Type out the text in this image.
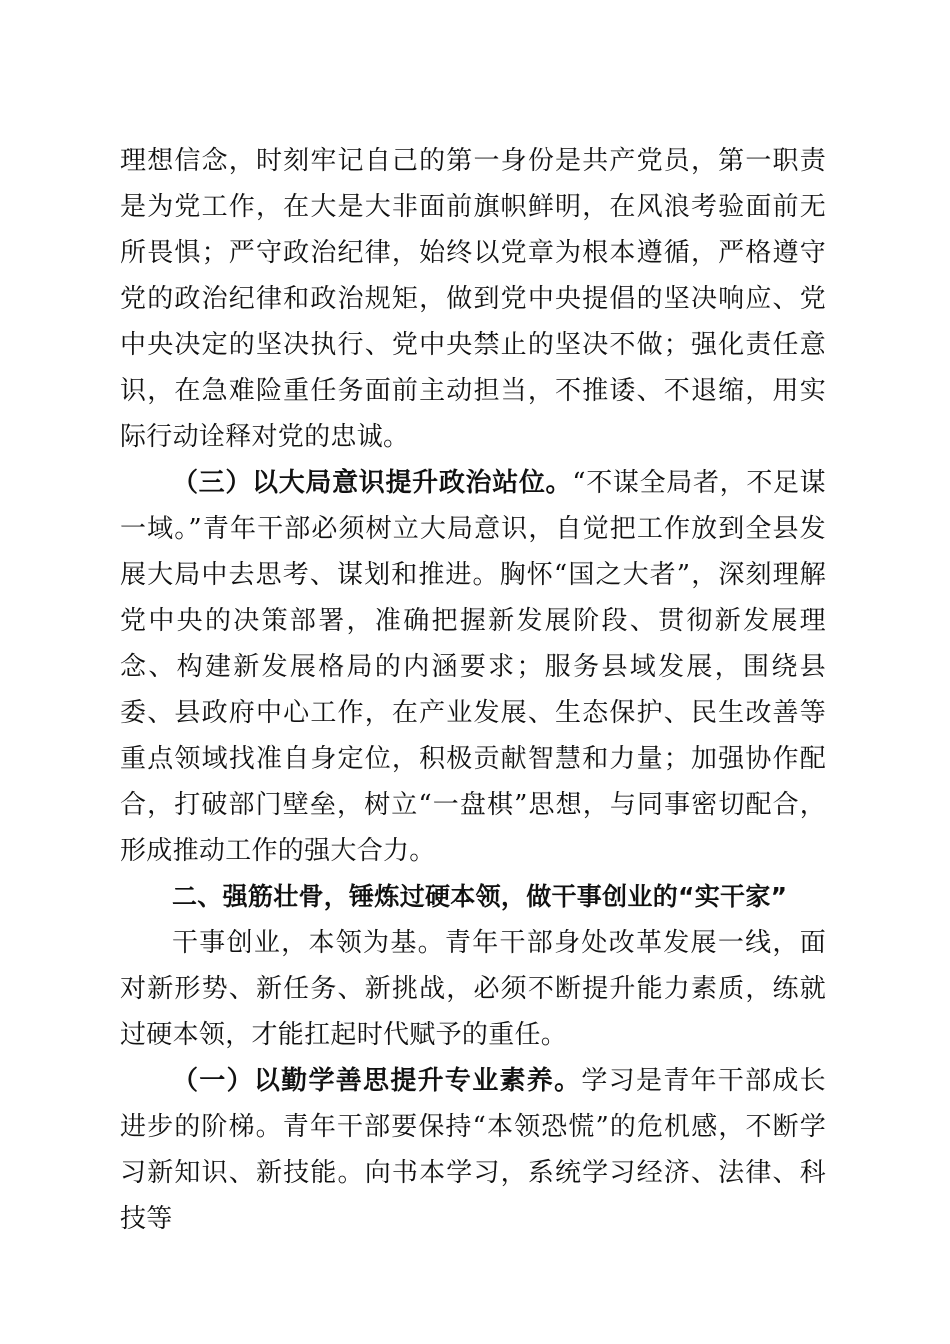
理想信念，时刻牢记自己的第一身份是共产党员，第一职责是为党工作，在大是大非面前旗帜鲜明，在风浪考验面前无所畏惧；严守政治纪律，始终以党章为根本遵循，严格遵守党的政治纪律和政治规矩，做到党中央提倡的坚决响应、党中央决定的坚决执行、党中央禁止的坚决不做；强化责任意识，在急难险重任务面前主动担当，不推诿、不退缩，用实际行动诠释对党的忠诚。

（三）以大局意识提升政治站位。“不谋全局者，不足谋一域。”青年干部必须树立大局意识，自觉把工作放到全县发展大局中去思考、谋划和推进。胸怀“国之大者”，深刻理解党中央的决策部署，准确把握新发展阶段、贯彻新发展理念、构建新发展格局的内涵要求；服务县域发展，围绕县委、县政府中心工作，在产业发展、生态保护、民生改善等重点领域找准自身定位，积极贡献智慧和力量；加强协作配合，打破部门壁垒，树立“一盘棋”思想，与同事密切配合，形成推动工作的强大合力。

二、强筋壮骨，锤炼过硬本领，做干事创业的“实干家”

干事创业，本领为基。青年干部身处改革发展一线，面对新形势、新任务、新挑战，必须不断提升能力素质，练就过硬本领，才能扛起时代赋予的重任。

（一）以勤学善思提升专业素养。学习是青年干部成长进步的阶梯。青年干部要保持“本领恐慌”的危机感，不断学习新知识、新技能。向书本学习，系统学习经济、法律、科技等
